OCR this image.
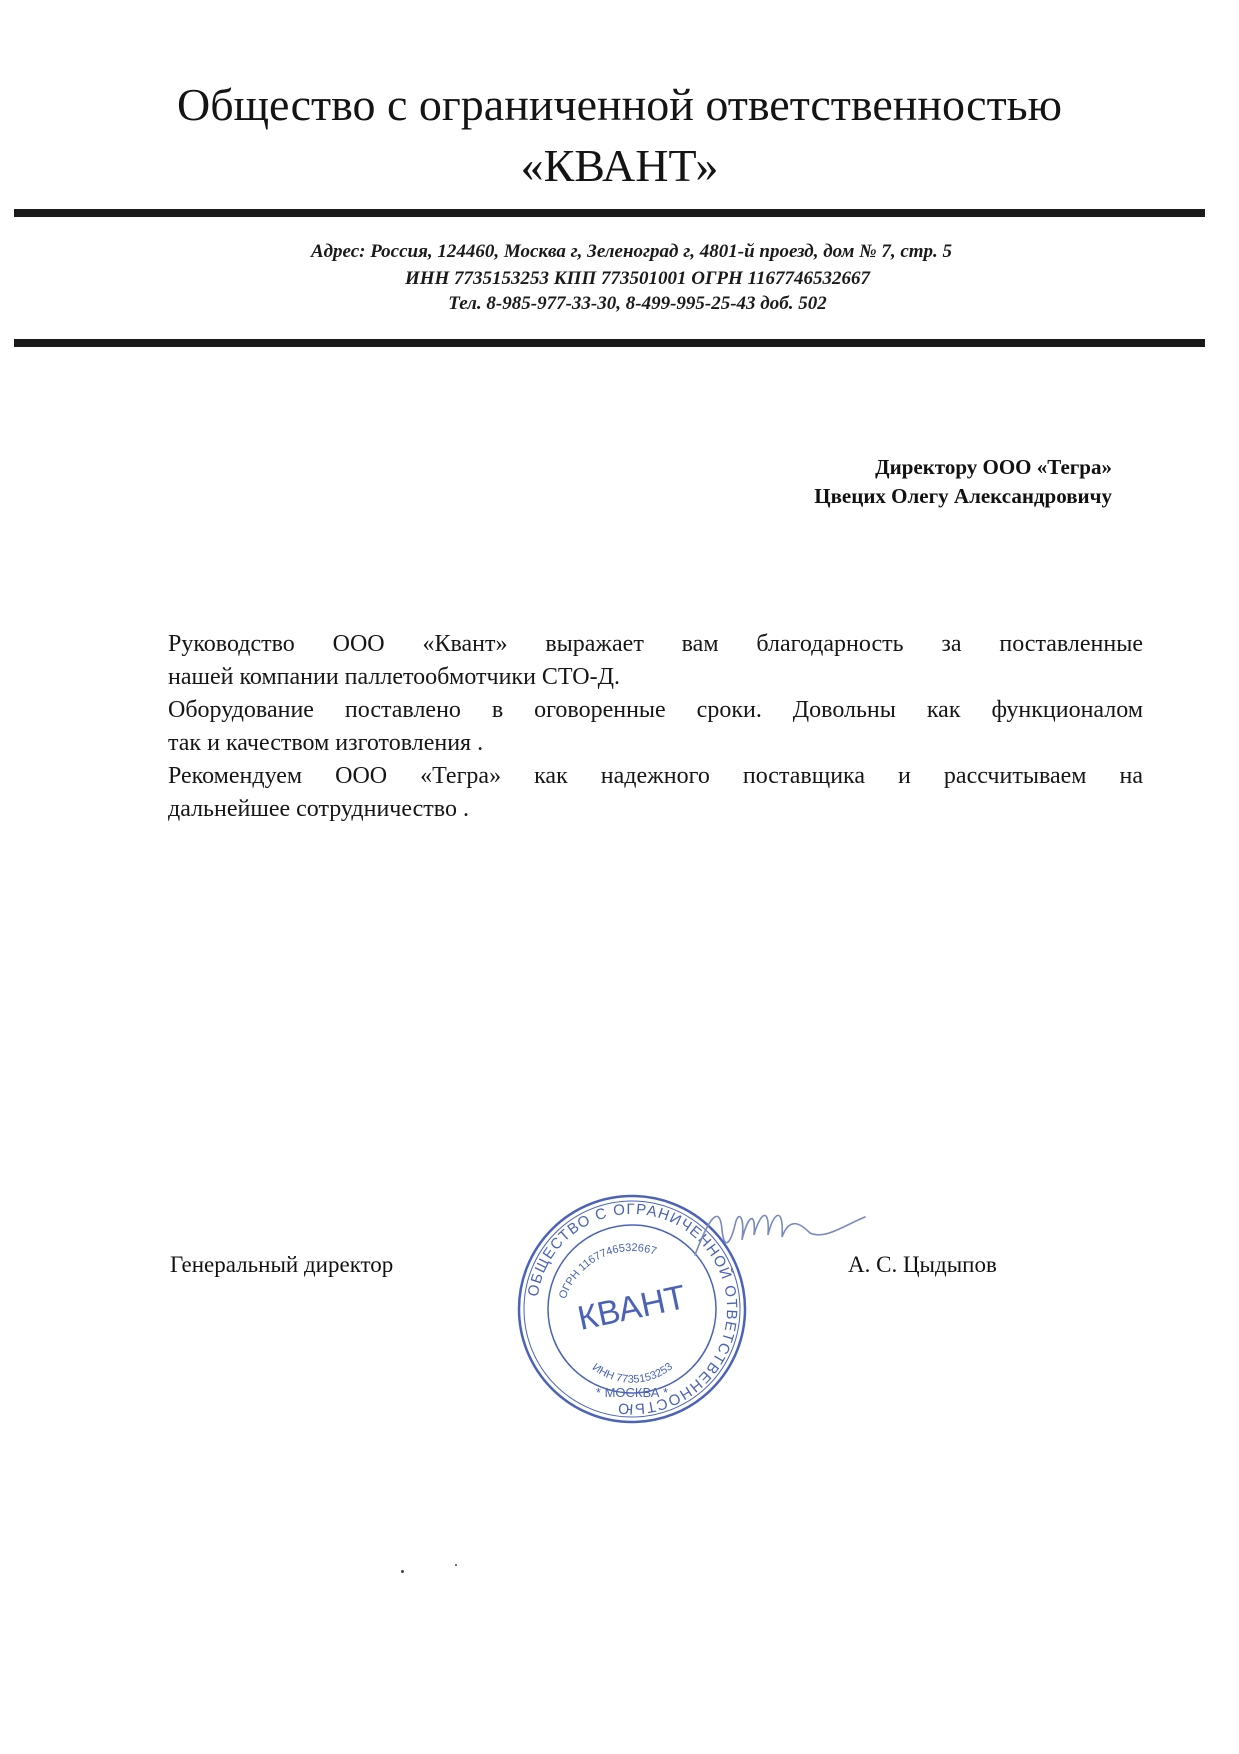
Общество с ограниченной ответственностью
«КВАНТ»
Адрес: Россия, 124460, Москва г, Зеленоград г, 4801-й проезд, дом № 7, стр. 5
ИНН 7735153253 КПП 773501001 ОГРН 1167746532667
Тел. 8-985-977-33-30, 8-499-995-25-43 доб. 502
Директору ООО «Тегра»
Цвецих Олегу Александровичу
Руководство ООО «Квант» выражает вам благодарность за поставленные
нашей компании паллетообмотчики СТО-Д.
Оборудование поставлено в оговоренные сроки. Довольны как функционалом
так и качеством изготовления .
Рекомендуем ООО «Тегра» как надежного поставщика и рассчитываем на
дальнейшее сотрудничество .
Генеральный директор	А. С. Цыдыпов
ОБЩЕСТВО С ОГРАНИЧЕННОЙ ОТВЕТСТВЕННОСТЬЮ
ОГРН 1167746532667
ИНН 7735153253
КВАНТ
* МОСКВА *
